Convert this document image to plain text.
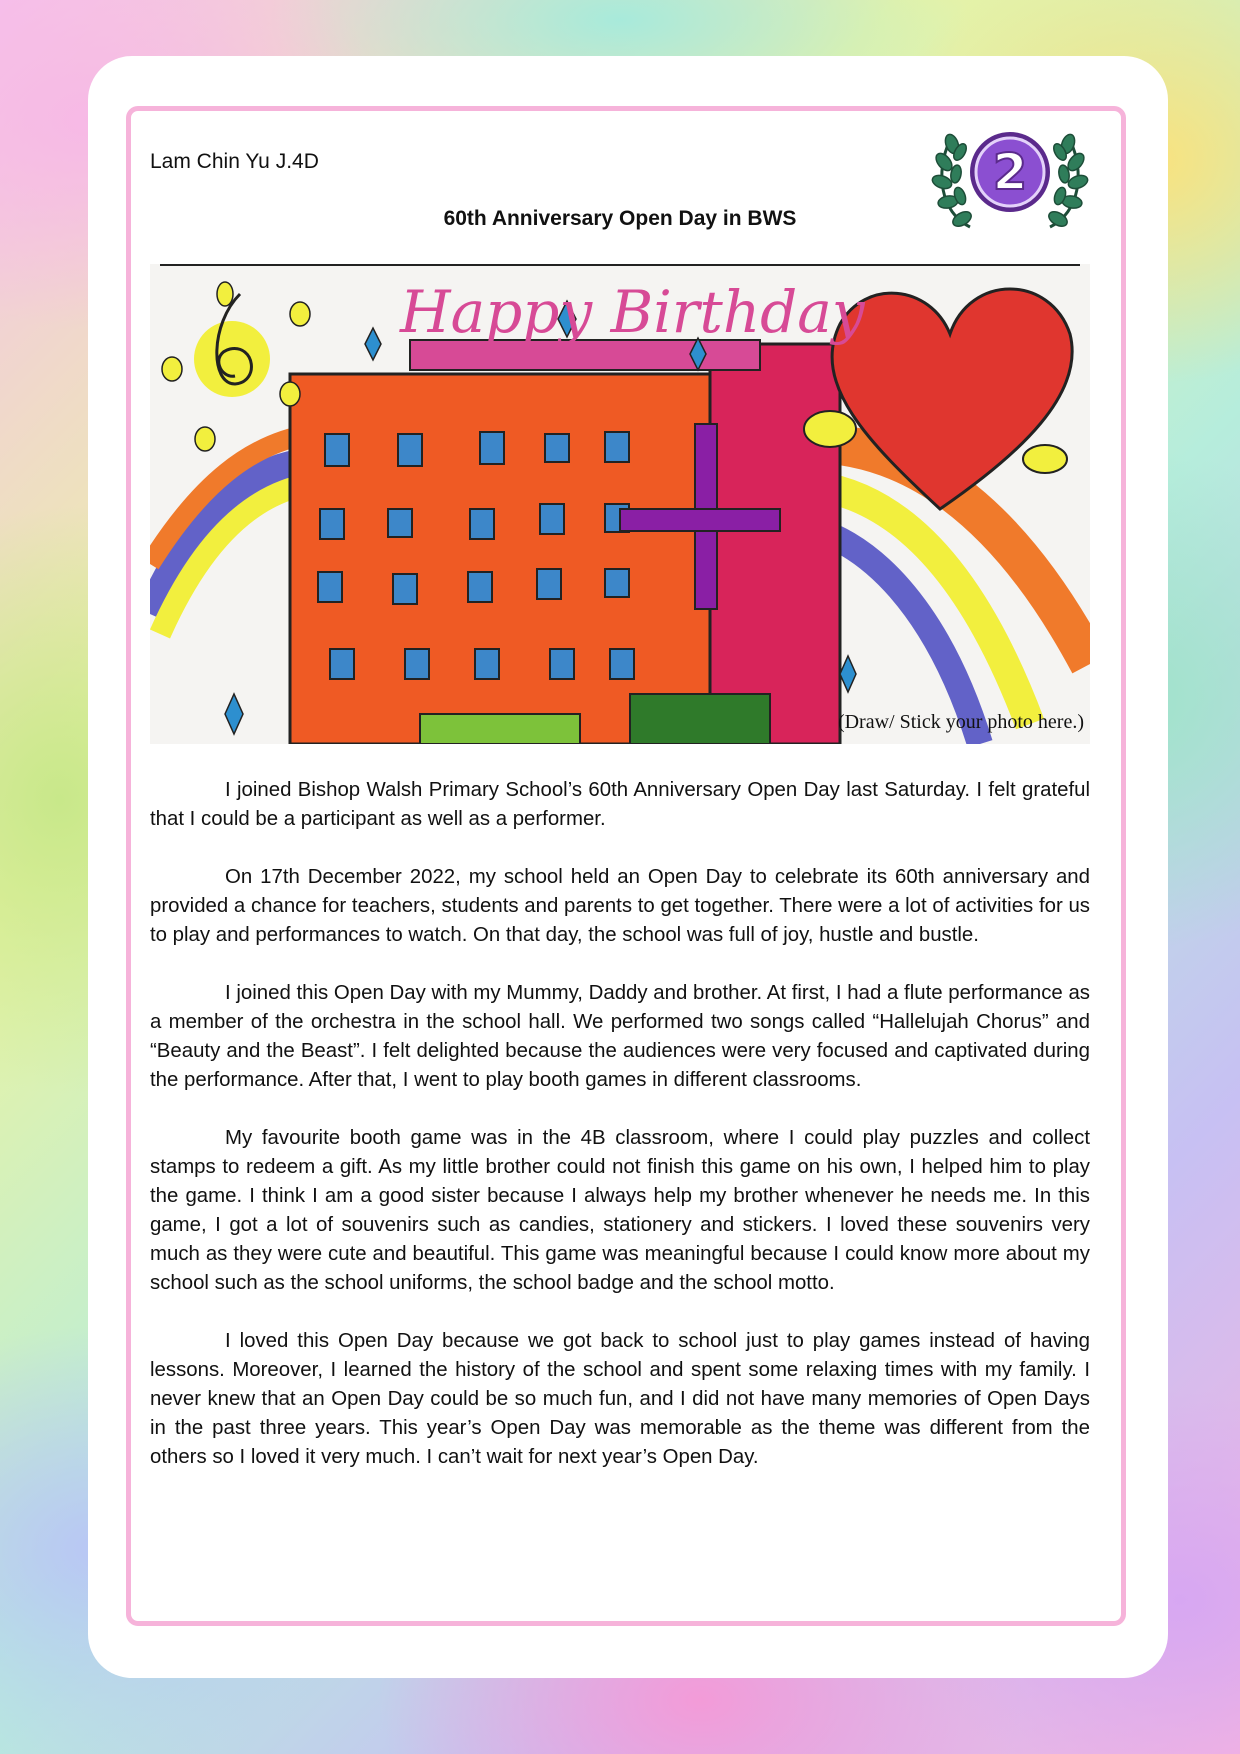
Lam Chin Yu J.4D
60th Anniversary Open Day in BWS
2
Happy Birthday
(Draw/ Stick your photo here.)

I joined Bishop Walsh Primary School’s 60th Anniversary Open Day last Saturday. I felt grateful that I could be a participant as well as a performer.

On 17th December 2022, my school held an Open Day to celebrate its 60th anniversary and provided a chance for teachers, students and parents to get together. There were a lot of activities for us to play and performances to watch. On that day, the school was full of joy, hustle and bustle.

I joined this Open Day with my Mummy, Daddy and brother. At first, I had a flute performance as a member of the orchestra in the school hall. We performed two songs called “Hallelujah Chorus” and “Beauty and the Beast”. I felt delighted because the audiences were very focused and captivated during the performance. After that, I went to play booth games in different classrooms.

My favourite booth game was in the 4B classroom, where I could play puzzles and collect stamps to redeem a gift. As my little brother could not finish this game on his own, I helped him to play the game. I think I am a good sister because I always help my brother whenever he needs me. In this game, I got a lot of souvenirs such as candies, stationery and stickers. I loved these souvenirs very much as they were cute and beautiful. This game was meaningful because I could know more about my school such as the school uniforms, the school badge and the school motto.

I loved this Open Day because we got back to school just to play games instead of having lessons. Moreover, I learned the history of the school and spent some relaxing times with my family. I never knew that an Open Day could be so much fun, and I did not have many memories of Open Days in the past three years. This year’s Open Day was memorable as the theme was different from the others so I loved it very much. I can’t wait for next year’s Open Day.
